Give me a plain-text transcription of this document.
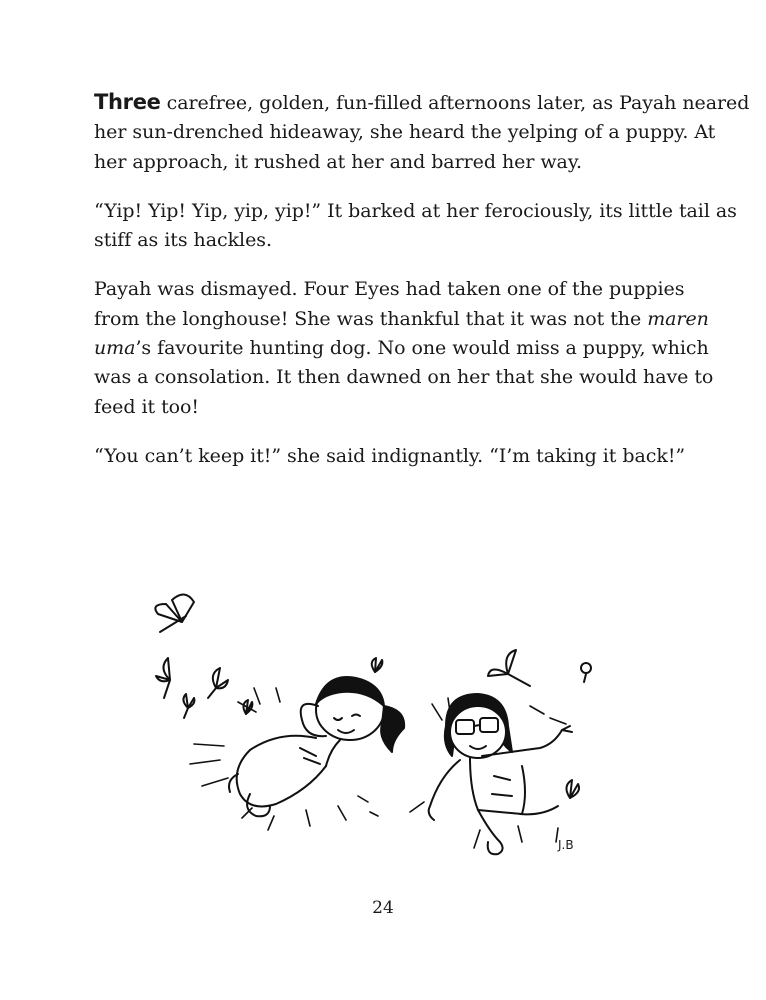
Three carefree, golden, fun-filled afternoons later, as Payah neared
her sun-drenched hideaway, she heard the yelping of a puppy. At
her approach, it rushed at her and barred her way.

“Yip! Yip! Yip, yip, yip!” It barked at her ferociously, its little tail as
stiff as its hackles.

Payah was dismayed. Four Eyes had taken one of the puppies
from the longhouse! She was thankful that it was not the maren
uma’s favourite hunting dog. No one would miss a puppy, which
was a consolation. It then dawned on her that she would have to
feed it too!

“You can’t keep it!” she said indignantly. “I’m taking it back!”

J.B
24
